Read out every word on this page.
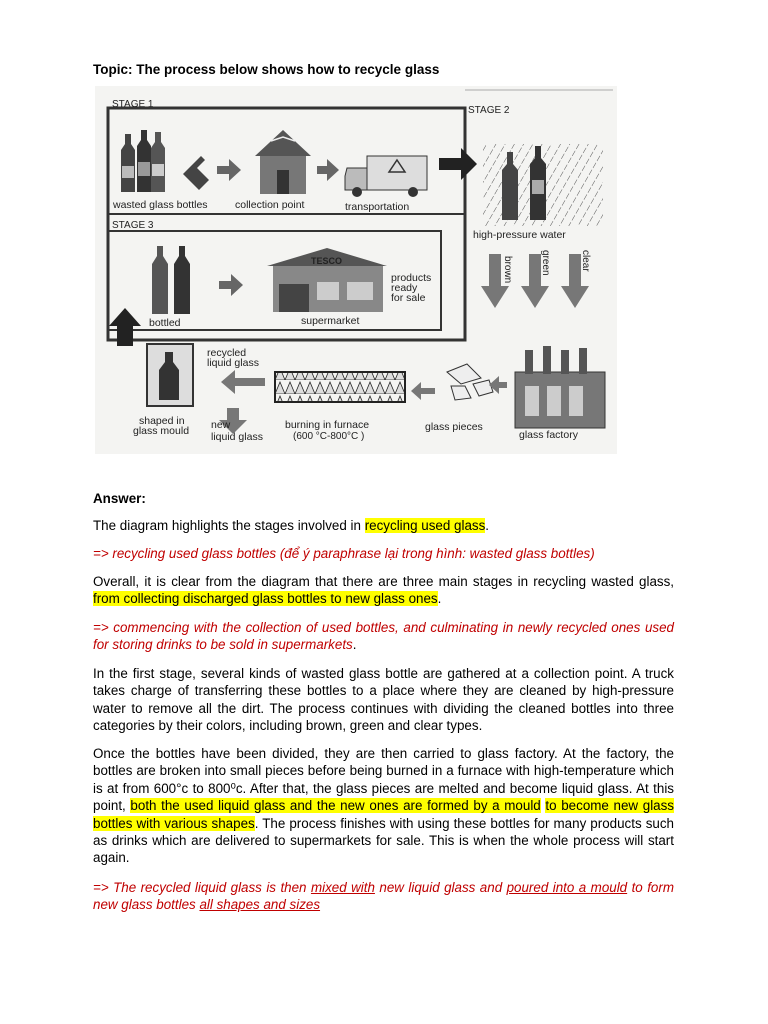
Topic: The process below shows how to recycle glass
STAGE 1
STAGE 3
STAGE 2
wasted glass bottles	collection point	transportation
high-pressure water
brown	green	clear
bottled
TESCO
supermarket
products
ready
for sale
shaped in
glass mould
recycled
liquid glass
new
liquid glass
burning in furnace
(600 °C-800°C )
glass pieces
glass factory
Answer:
The diagram highlights the stages involved in recycling used glass.
=> recycling used glass bottles (để ý paraphrase lại trong hình: wasted glass bottles)
Overall, it is clear from the diagram that there are three main stages in recycling wasted glass, from collecting discharged glass bottles to new glass ones.
=> commencing with the collection of used bottles, and culminating in newly recycled ones used for storing drinks to be sold in supermarkets.
In the first stage, several kinds of wasted glass bottle are gathered at a collection point. A truck takes charge of transferring these bottles to a place where they are cleaned by high-pressure water to remove all the dirt. The process continues with dividing the cleaned bottles into three categories by their colors, including brown, green and clear types.
Once the bottles have been divided, they are then carried to glass factory. At the factory, the bottles are broken into small pieces before being burned in a furnace with high-temperature which is at from 600°c to 800⁰c. After that, the glass pieces are melted and become liquid glass. At this point, both the used liquid glass and the new ones are formed by a mould to become new glass bottles with various shapes. The process finishes with using these bottles for many products such as drinks which are delivered to supermarkets for sale. This is when the whole process will start again.
=> The recycled liquid glass is then mixed with new liquid glass and poured into a mould to form new glass bottles all shapes and sizes
